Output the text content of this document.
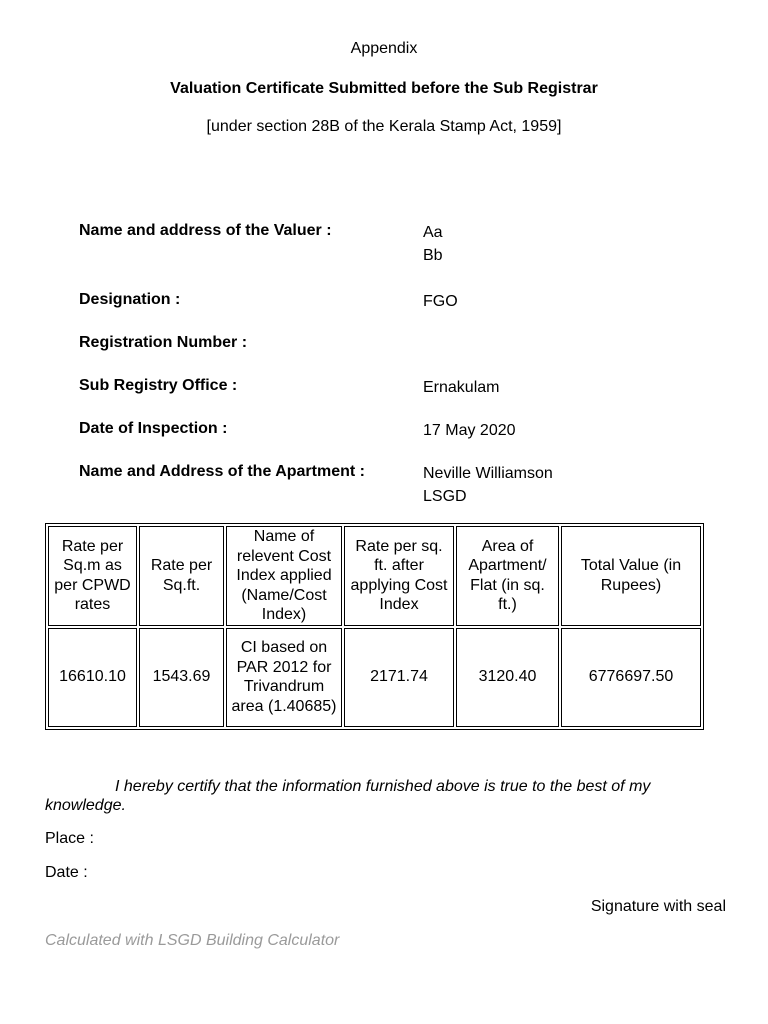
Appendix
Valuation Certificate Submitted before the Sub Registrar
[under section 28B of the Kerala Stamp Act, 1959]
Name and address of the Valuer :	Aa
Bb
Designation :	FGO
Registration Number :
Sub Registry Office :	Ernakulam
Date of Inspection :	17 May 2020
Name and Address of the Apartment :	Neville Williamson
LSGD
Rate per Sq.m as per CPWD rates	Rate per Sq.ft.	Name of relevent Cost Index applied (Name/Cost Index)	Rate per sq. ft. after applying Cost Index	Area of Apartment/ Flat (in sq. ft.)	Total Value (in Rupees)
16610.10	1543.69	CI based on PAR 2012 for Trivandrum area (1.40685)	2171.74	3120.40	6776697.50
I hereby certify that the information furnished above is true to the best of my knowledge.
Place :
Date :
Signature with seal
Calculated with LSGD Building Calculator
